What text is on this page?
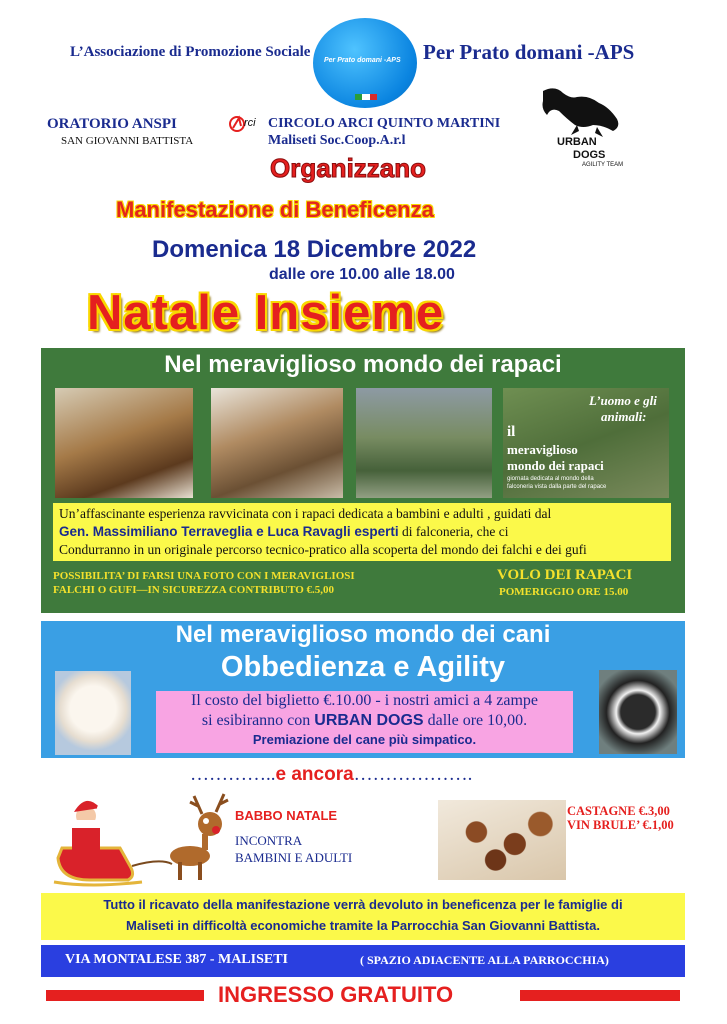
L’Associazione di Promozione Sociale
Per Prato domani -APS Per Prato domani -APS
ORATORIO ANSPI
SAN GIOVANNI BATTISTA
rci CIRCOLO ARCI QUINTO MARTINI
Maliseti Soc.Coop.A.r.l	URBAN
DOGS
AGILITY TEAM
Organizzano
Manifestazione di Beneficenza
Domenica 18 Dicembre 2022
dalle ore 10.00 alle 18.00
Natale Insieme
Nel meraviglioso mondo dei rapaci
L’uomo e gli
animali:
il
meraviglioso
mondo dei rapaci
giornata dedicata al mondo della
falconeria vista dalla parte del rapace
Un’affascinante esperienza ravvicinata con i rapaci dedicata a bambini e adulti , guidati dal
Gen. Massimiliano Terraveglia e Luca Ravagli esperti di falconeria, che ci
Condurranno in un originale percorso tecnico-pratico alla scoperta del mondo dei falchi e dei gufi
POSSIBILITA’ DI FARSI UNA FOTO CON I MERAVIGLIOSI
FALCHI O GUFI—IN SICUREZZA CONTRIBUTO €.5,00
VOLO DEI RAPACI
POMERIGGIO ORE 15.00
Nel meraviglioso mondo dei cani
Obbedienza e Agility
Il costo del biglietto €.10.00 - i nostri amici a 4 zampe
si esibiranno con URBAN DOGS dalle ore 10,00.
Premiazione del cane più simpatico.
…………..e ancora……………….
BABBO NATALE
INCONTRA
BAMBINI E ADULTI
CASTAGNE €.3,00
VIN BRULE’ €.1,00
Tutto il ricavato della manifestazione verrà devoluto in beneficenza per le famiglie di
Maliseti in difficoltà economiche tramite la Parrocchia San Giovanni Battista.
VIA MONTALESE 387 - MALISETI	( SPAZIO ADIACENTE ALLA PARROCCHIA)
INGRESSO GRATUITO
